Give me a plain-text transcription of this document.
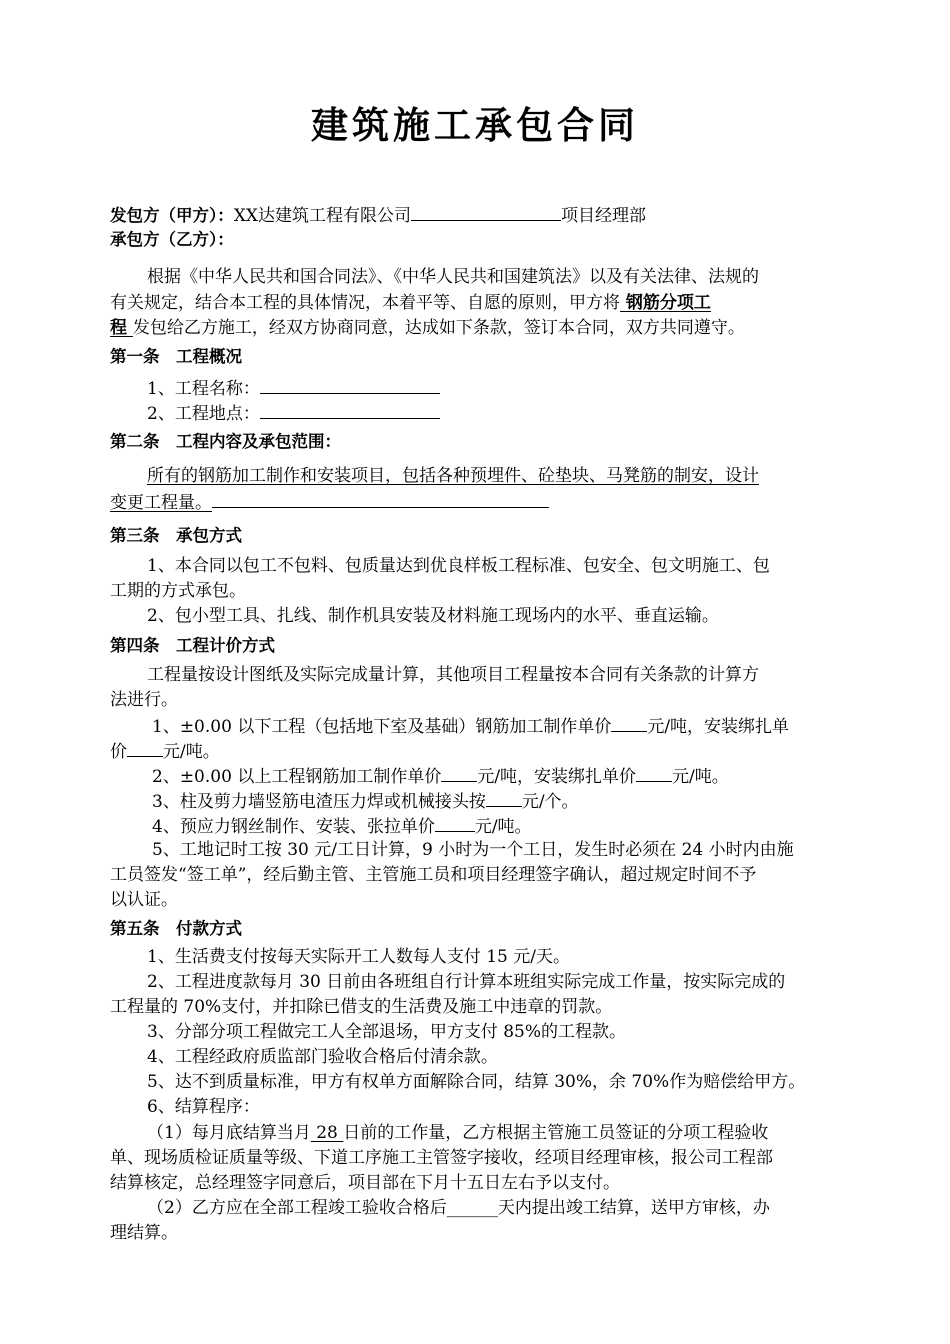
建筑施工承包合同
发包方（甲方）：XX达建筑工程有限公司	项目经理部
承包方（乙方）：
根据《中华人民共和国合同法》、《中华人民共和国建筑法》以及有关法律、法规的
有关规定，结合本工程的具体情况，本着平等、自愿的原则，甲方将 钢筋分项工
程 发包给乙方施工，经双方协商同意，达成如下条款，签订本合同，双方共同遵守。
第一条　工程概况
1、工程名称：
2、工程地点：
第二条　工程内容及承包范围：
所有的钢筋加工制作和安装项目，包括各种预埋件、砼垫块、马凳筋的制安，设计
变更工程量。
第三条　承包方式
1、本合同以包工不包料、包质量达到优良样板工程标准、包安全、包文明施工、包
工期的方式承包。
2、包小型工具、扎线、制作机具安装及材料施工现场内的水平、垂直运输。
第四条　工程计价方式
工程量按设计图纸及实际完成量计算，其他项目工程量按本合同有关条款的计算方
法进行。
1、±0.00 以下工程（包括地下室及基础）钢筋加工制作单价 元/吨，安装绑扎单
价 元/吨。
2、±0.00 以上工程钢筋加工制作单价 元/吨，安装绑扎单价 元/吨。
3、柱及剪力墙竖筋电渣压力焊或机械接头按 元/个。
4、预应力钢丝制作、安装、张拉单价 元/吨。
5、工地记时工按 30 元/工日计算，9 小时为一个工日，发生时必须在 24 小时内由施
工员签发“签工单”，经后勤主管、主管施工员和项目经理签字确认，超过规定时间不予
以认证。
第五条　付款方式
1、生活费支付按每天实际开工人数每人支付 15 元/天。
2、工程进度款每月 30 日前由各班组自行计算本班组实际完成工作量，按实际完成的
工程量的 70%支付，并扣除已借支的生活费及施工中违章的罚款。
3、分部分项工程做完工人全部退场，甲方支付 85%的工程款。
4、工程经政府质监部门验收合格后付清余款。
5、达不到质量标准，甲方有权单方面解除合同，结算 30%，余 70%作为赔偿给甲方。
6、结算程序：
（1）每月底结算当月 28 日前的工作量，乙方根据主管施工员签证的分项工程验收
单、现场质检证质量等级、下道工序施工主管签字接收，经项目经理审核，报公司工程部
结算核定，总经理签字同意后，项目部在下月十五日左右予以支付。
（2）乙方应在全部工程竣工验收合格后______天内提出竣工结算，送甲方审核，办
理结算。
